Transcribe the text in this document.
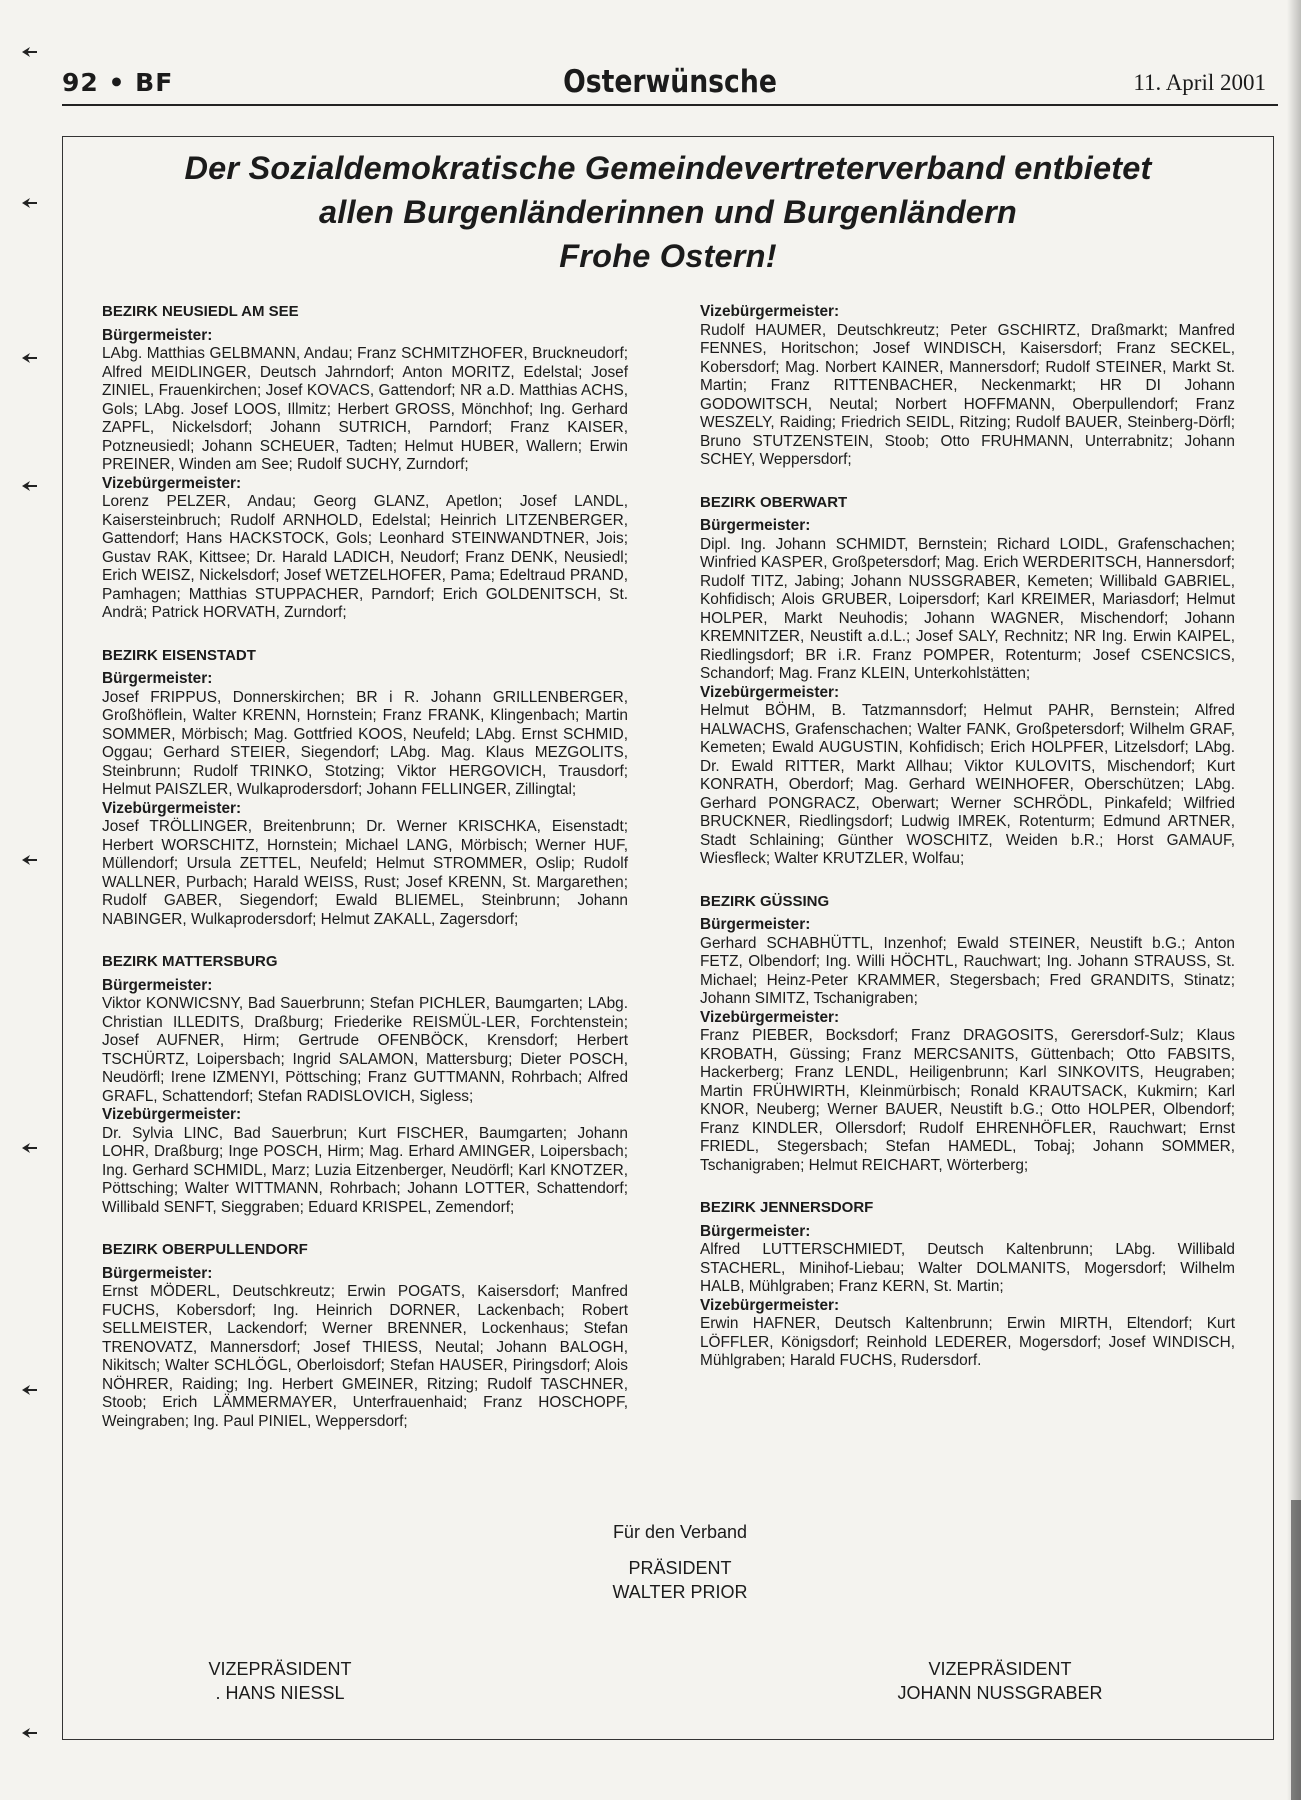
92 • BF	Osterwünsche	11. April 2001
Der Sozialdemokratische Gemeindevertreterverband entbietet
allen Burgenländerinnen und Burgenländern
Frohe Ostern!
BEZIRK NEUSIEDL AM SEE
Bürgermeister:

LAbg. Matthias GELBMANN, Andau; Franz SCHMITZHOFER, Bruckneudorf; Alfred MEIDLINGER, Deutsch Jahrndorf; Anton MORITZ, Edelstal; Josef ZINIEL, Frauenkirchen; Josef KOVACS, Gattendorf; NR a.D. Matthias ACHS, Gols; LAbg. Josef LOOS, Illmitz; Herbert GROSS, Mönchhof; Ing. Gerhard ZAPFL, Nickelsdorf; Johann SUTRICH, Parndorf; Franz KAISER, Potzneusiedl; Johann SCHEUER, Tadten; Helmut HUBER, Wallern; Erwin PREINER, Winden am See; Rudolf SUCHY, Zurndorf;

Vizebürgermeister:

Lorenz PELZER, Andau; Georg GLANZ, Apetlon; Josef LANDL, Kaisersteinbruch; Rudolf ARNHOLD, Edelstal; Heinrich LITZENBERGER, Gattendorf; Hans HACKSTOCK, Gols; Leonhard STEINWANDTNER, Jois; Gustav RAK, Kittsee; Dr. Harald LADICH, Neudorf; Franz DENK, Neusiedl; Erich WEISZ, Nickelsdorf; Josef WETZELHOFER, Pama; Edeltraud PRAND, Pamhagen; Matthias STUPPACHER, Parndorf; Erich GOLDENITSCH, St. Andrä; Patrick HORVATH, Zurndorf;

BEZIRK EISENSTADT
Bürgermeister:

Josef FRIPPUS, Donnerskirchen; BR i R. Johann GRILLENBERGER, Großhöflein, Walter KRENN, Hornstein; Franz FRANK, Klingenbach; Martin SOMMER, Mörbisch; Mag. Gottfried KOOS, Neufeld; LAbg. Ernst SCHMID, Oggau; Gerhard STEIER, Siegendorf; LAbg. Mag. Klaus MEZGOLITS, Steinbrunn; Rudolf TRINKO, Stotzing; Viktor HERGOVICH, Trausdorf; Helmut PAISZLER, Wulkaprodersdorf; Johann FELLINGER, Zillingtal;

Vizebürgermeister:

Josef TRÖLLINGER, Breitenbrunn; Dr. Werner KRISCHKA, Eisenstadt; Herbert WORSCHITZ, Hornstein; Michael LANG, Mörbisch; Werner HUF, Müllendorf; Ursula ZETTEL, Neufeld; Helmut STROMMER, Oslip; Rudolf WALLNER, Purbach; Harald WEISS, Rust; Josef KRENN, St. Margarethen; Rudolf GABER, Siegendorf; Ewald BLIEMEL, Steinbrunn; Johann NABINGER, Wulkaprodersdorf; Helmut ZAKALL, Zagersdorf;

BEZIRK MATTERSBURG
Bürgermeister:

Viktor KONWICSNY, Bad Sauerbrunn; Stefan PICHLER, Baumgarten; LAbg. Christian ILLEDITS, Draßburg; Friederike REISMÜL-LER, Forchtenstein; Josef AUFNER, Hirm; Gertrude OFENBÖCK, Krensdorf; Herbert TSCHÜRTZ, Loipersbach; Ingrid SALAMON, Mattersburg; Dieter POSCH, Neudörfl; Irene IZMENYI, Pöttsching; Franz GUTTMANN, Rohrbach; Alfred GRAFL, Schattendorf; Stefan RADISLOVICH, Sigless;

Vizebürgermeister:

Dr. Sylvia LINC, Bad Sauerbrun; Kurt FISCHER, Baumgarten; Johann LOHR, Draßburg; Inge POSCH, Hirm; Mag. Erhard AMINGER, Loipersbach; Ing. Gerhard SCHMIDL, Marz; Luzia Eitzenberger, Neudörfl; Karl KNOTZER, Pöttsching; Walter WITTMANN, Rohrbach; Johann LOTTER, Schattendorf; Willibald SENFT, Sieggraben; Eduard KRISPEL, Zemendorf;

BEZIRK OBERPULLENDORF
Bürgermeister:

Ernst MÖDERL, Deutschkreutz; Erwin POGATS, Kaisersdorf; Manfred FUCHS, Kobersdorf; Ing. Heinrich DORNER, Lackenbach; Robert SELLMEISTER, Lackendorf; Werner BRENNER, Lockenhaus; Stefan TRENOVATZ, Mannersdorf; Josef THIESS, Neutal; Johann BALOGH, Nikitsch; Walter SCHLÖGL, Oberloisdorf; Stefan HAUSER, Piringsdorf; Alois NÖHRER, Raiding; Ing. Herbert GMEINER, Ritzing; Rudolf TASCHNER, Stoob; Erich LÄMMERMAYER, Unterfrauenhaid; Franz HOSCHOPF, Weingraben; Ing. Paul PINIEL, Weppersdorf;

Vizebürgermeister:

Rudolf HAUMER, Deutschkreutz; Peter GSCHIRTZ, Draßmarkt; Manfred FENNES, Horitschon; Josef WINDISCH, Kaisersdorf; Franz SECKEL, Kobersdorf; Mag. Norbert KAINER, Mannersdorf; Rudolf STEINER, Markt St. Martin; Franz RITTENBACHER, Neckenmarkt; HR DI Johann GODOWITSCH, Neutal; Norbert HOFFMANN, Oberpullendorf; Franz WESZELY, Raiding; Friedrich SEIDL, Ritzing; Rudolf BAUER, Steinberg-Dörfl; Bruno STUTZENSTEIN, Stoob; Otto FRUHMANN, Unterrabnitz; Johann SCHEY, Weppersdorf;

BEZIRK OBERWART
Bürgermeister:

Dipl. Ing. Johann SCHMIDT, Bernstein; Richard LOIDL, Grafenschachen; Winfried KASPER, Großpetersdorf; Mag. Erich WERDERITSCH, Hannersdorf; Rudolf TITZ, Jabing; Johann NUSSGRABER, Kemeten; Willibald GABRIEL, Kohfidisch; Alois GRUBER, Loipersdorf; Karl KREIMER, Mariasdorf; Helmut HOLPER, Markt Neuhodis; Johann WAGNER, Mischendorf; Johann KREMNITZER, Neustift a.d.L.; Josef SALY, Rechnitz; NR Ing. Erwin KAIPEL, Riedlingsdorf; BR i.R. Franz POMPER, Rotenturm; Josef CSENCSICS, Schandorf; Mag. Franz KLEIN, Unterkohlstätten;

Vizebürgermeister:

Helmut BÖHM, B. Tatzmannsdorf; Helmut PAHR, Bernstein; Alfred HALWACHS, Grafenschachen; Walter FANK, Großpetersdorf; Wilhelm GRAF, Kemeten; Ewald AUGUSTIN, Kohfidisch; Erich HOLPFER, Litzelsdorf; LAbg. Dr. Ewald RITTER, Markt Allhau; Viktor KULOVITS, Mischendorf; Kurt KONRATH, Oberdorf; Mag. Gerhard WEINHOFER, Oberschützen; LAbg. Gerhard PONGRACZ, Oberwart; Werner SCHRÖDL, Pinkafeld; Wilfried BRUCKNER, Riedlingsdorf; Ludwig IMREK, Rotenturm; Edmund ARTNER, Stadt Schlaining; Günther WOSCHITZ, Weiden b.R.; Horst GAMAUF, Wiesfleck; Walter KRUTZLER, Wolfau;

BEZIRK GÜSSING
Bürgermeister:

Gerhard SCHABHÜTTL, Inzenhof; Ewald STEINER, Neustift b.G.; Anton FETZ, Olbendorf; Ing. Willi HÖCHTL, Rauchwart; Ing. Johann STRAUSS, St. Michael; Heinz-Peter KRAMMER, Stegersbach; Fred GRANDITS, Stinatz; Johann SIMITZ, Tschanigraben;

Vizebürgermeister:

Franz PIEBER, Bocksdorf; Franz DRAGOSITS, Gerersdorf-Sulz; Klaus KROBATH, Güssing; Franz MERCSANITS, Güttenbach; Otto FABSITS, Hackerberg; Franz LENDL, Heiligenbrunn; Karl SINKOVITS, Heugraben; Martin FRÜHWIRTH, Kleinmürbisch; Ronald KRAUTSACK, Kukmirn; Karl KNOR, Neuberg; Werner BAUER, Neustift b.G.; Otto HOLPER, Olbendorf; Franz KINDLER, Ollersdorf; Rudolf EHRENHÖFLER, Rauchwart; Ernst FRIEDL, Stegersbach; Stefan HAMEDL, Tobaj; Johann SOMMER, Tschanigraben; Helmut REICHART, Wörterberg;

BEZIRK JENNERSDORF
Bürgermeister:

Alfred LUTTERSCHMIEDT, Deutsch Kaltenbrunn; LAbg. Willibald STACHERL, Minihof-Liebau; Walter DOLMANITS, Mogersdorf; Wilhelm HALB, Mühlgraben; Franz KERN, St. Martin;

Vizebürgermeister:

Erwin HAFNER, Deutsch Kaltenbrunn; Erwin MIRTH, Eltendorf; Kurt LÖFFLER, Königsdorf; Reinhold LEDERER, Mogersdorf; Josef WINDISCH, Mühlgraben; Harald FUCHS, Rudersdorf.

Für den Verband
PRÄSIDENT
WALTER PRIOR
VIZEPRÄSIDENT
. HANS NIESSL
VIZEPRÄSIDENT
JOHANN NUSSGRABER
